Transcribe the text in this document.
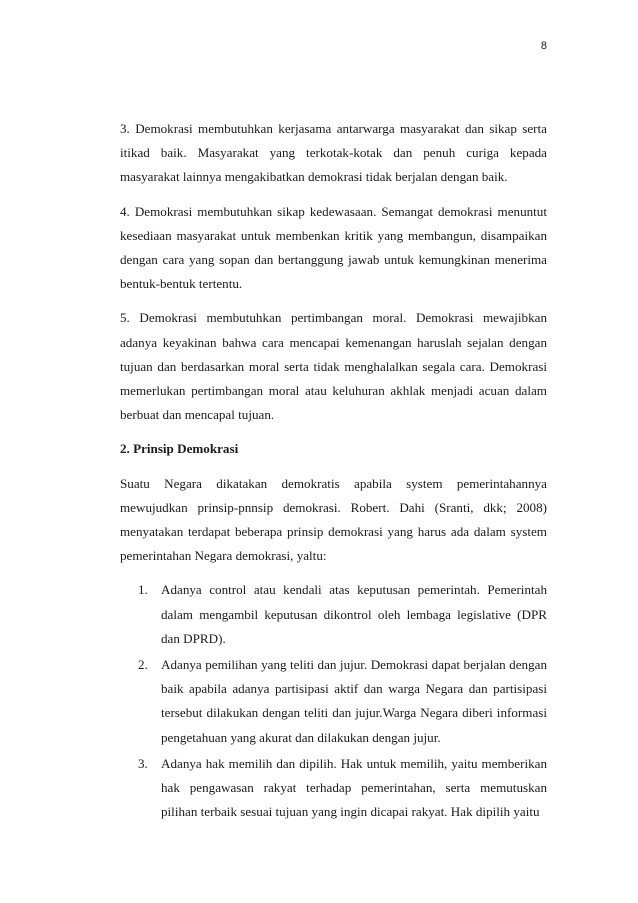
8

3. Demokrasi membutuhkan kerjasama antarwarga masyarakat dan sikap serta itikad baik. Masyarakat yang terkotak-kotak dan penuh curiga kepada masyarakat lainnya mengakibatkan demokrasi tidak berjalan dengan baik.

4. Demokrasi membutuhkan sikap kedewasaan. Semangat demokrasi menuntut kesediaan masyarakat untuk membenkan kritik yang membangun, disampaikan dengan cara yang sopan dan bertanggung jawab untuk kemungkinan menerima bentuk-bentuk tertentu.

5. Demokrasi membutuhkan pertimbangan moral. Demokrasi mewajibkan adanya keyakinan bahwa cara mencapai kemenangan haruslah sejalan dengan tujuan dan berdasarkan moral serta tidak menghalalkan segala cara. Demokrasi memerlukan pertimbangan moral atau keluhuran akhlak menjadi acuan dalam berbuat dan mencapal tujuan.

2. Prinsip Demokrasi

Suatu Negara dikatakan demokratis apabila system pemerintahannya mewujudkan prinsip-pnnsip demokrasi. Robert. Dahi (Sranti, dkk; 2008) menyatakan terdapat beberapa prinsip demokrasi yang harus ada dalam system pemerintahan Negara demokrasi, yaltu:

1. Adanya control atau kendali atas keputusan pemerintah. Pemerintah dalam mengambil keputusan dikontrol oleh lembaga legislative (DPR dan DPRD).
2. Adanya pemilihan yang teliti dan jujur. Demokrasi dapat berjalan dengan baik apabila adanya partisipasi aktif dan warga Negara dan partisipasi tersebut dilakukan dengan teliti dan jujur.Warga Negara diberi informasi pengetahuan yang akurat dan dilakukan dengan jujur.
3. Adanya hak memilih dan dipilih. Hak untuk memilih, yaitu memberikan hak pengawasan rakyat terhadap pemerintahan, serta memutuskan pilihan terbaik sesuai tujuan yang ingin dicapai rakyat. Hak dipilih yaitu
